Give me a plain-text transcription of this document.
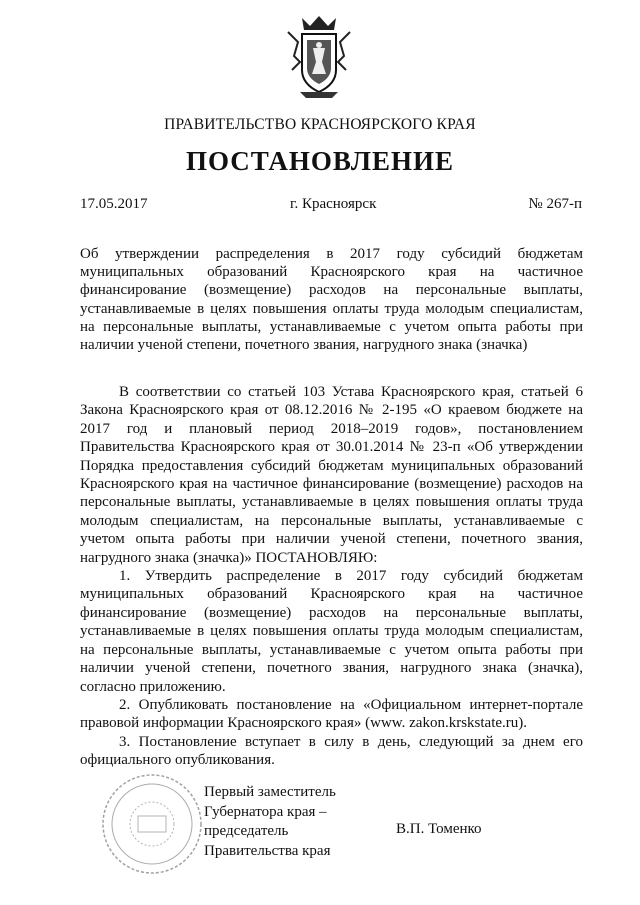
ПРАВИТЕЛЬСТВО КРАСНОЯРСКОГО КРАЯ
ПОСТАНОВЛЕНИЕ
17.05.2017	г. Красноярск	№ 267-п
Об утверждении распределения в 2017 году субсидий бюджетам муниципальных образований Красноярского края на частичное финансирование (возмещение) расходов на персональные выплаты, устанавливаемые в целях повышения оплаты труда молодым специалистам, на персональные выплаты, устанавливаемые с учетом опыта работы при наличии ученой степени, почетного звания, нагрудного знака (значка)

В соответствии со статьей 103 Устава Красноярского края, статьей 6 Закона Красноярского края от 08.12.2016 № 2-195 «О краевом бюджете на 2017 год и плановый период 2018–2019 годов», постановлением Правительства Красноярского края от 30.01.2014 № 23-п «Об утверждении Порядка предоставления субсидий бюджетам муниципальных образований Красноярского края на частичное финансирование (возмещение) расходов на персональные выплаты, устанавливаемые в целях повышения оплаты труда молодым специалистам, на персональные выплаты, устанавливаемые с учетом опыта работы при наличии ученой степени, почетного звания, нагрудного знака (значка)» ПОСТАНОВЛЯЮ:

1. Утвердить распределение в 2017 году субсидий бюджетам муниципальных образований Красноярского края на частичное финансирование (возмещение) расходов на персональные выплаты, устанавливаемые в целях повышения оплаты труда молодым специалистам, на персональные выплаты, устанавливаемые с учетом опыта работы при наличии ученой степени, почетного звания, нагрудного знака (значка), согласно приложению.

2. Опубликовать постановление на «Официальном интернет-портале правовой информации Красноярского края» (www. zakon.krskstate.ru).

3. Постановление вступает в силу в день, следующий за днем его официального опубликования.

Первый заместитель
Губернатора края –
председатель
Правительства края
В.П. Томенко
